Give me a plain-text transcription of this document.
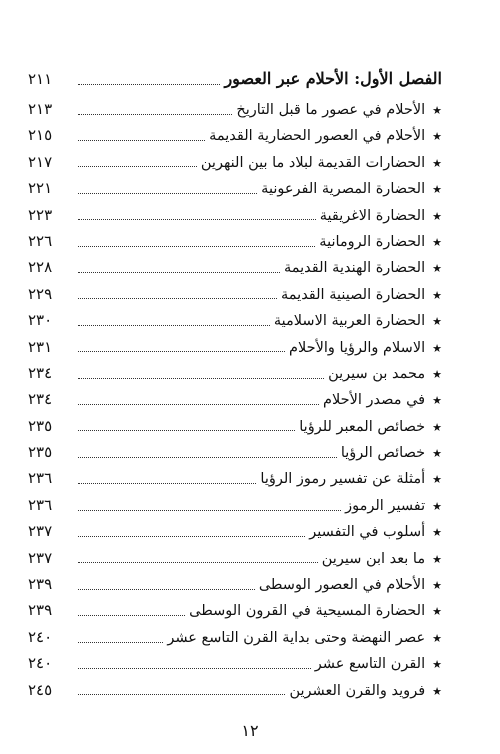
الفصل الأول: الأحلام عبر العصور
٢١١
★
الأحلام في عصور ما قبل التاريخ
٢١٣
★
الأحلام في العصور الحضارية القديمة
٢١٥
★
الحضارات القديمة لبلاد ما بين النهرين
٢١٧
★
الحضارة المصرية الفرعونية
٢٢١
★
الحضارة الاغريقية
٢٢٣
★
الحضارة الرومانية
٢٢٦
★
الحضارة الهندية القديمة
٢٢٨
★
الحضارة الصينية القديمة
٢٢٩
★
الحضارة العربية الاسلامية
٢٣٠
★
الاسلام والرؤيا والأحلام
٢٣١
★
محمد بن سيرين
٢٣٤
★
في مصدر الأحلام
٢٣٤
★
خصائص المعبر للرؤيا
٢٣٥
★
خصائص الرؤيا
٢٣٥
★
أمثلة عن تفسير رموز الرؤيا
٢٣٦
★
تفسير الرموز
٢٣٦
★
أسلوب في التفسير
٢٣٧
★
ما بعد ابن سيرين
٢٣٧
★
الأحلام في العصور الوسطى
٢٣٩
★
الحضارة المسيحية في القرون الوسطى
٢٣٩
★
عصر النهضة وحتى بداية القرن التاسع عشر
٢٤٠
★
القرن التاسع عشر
٢٤٠
★
فرويد والقرن العشرين
٢٤٥
١٢
